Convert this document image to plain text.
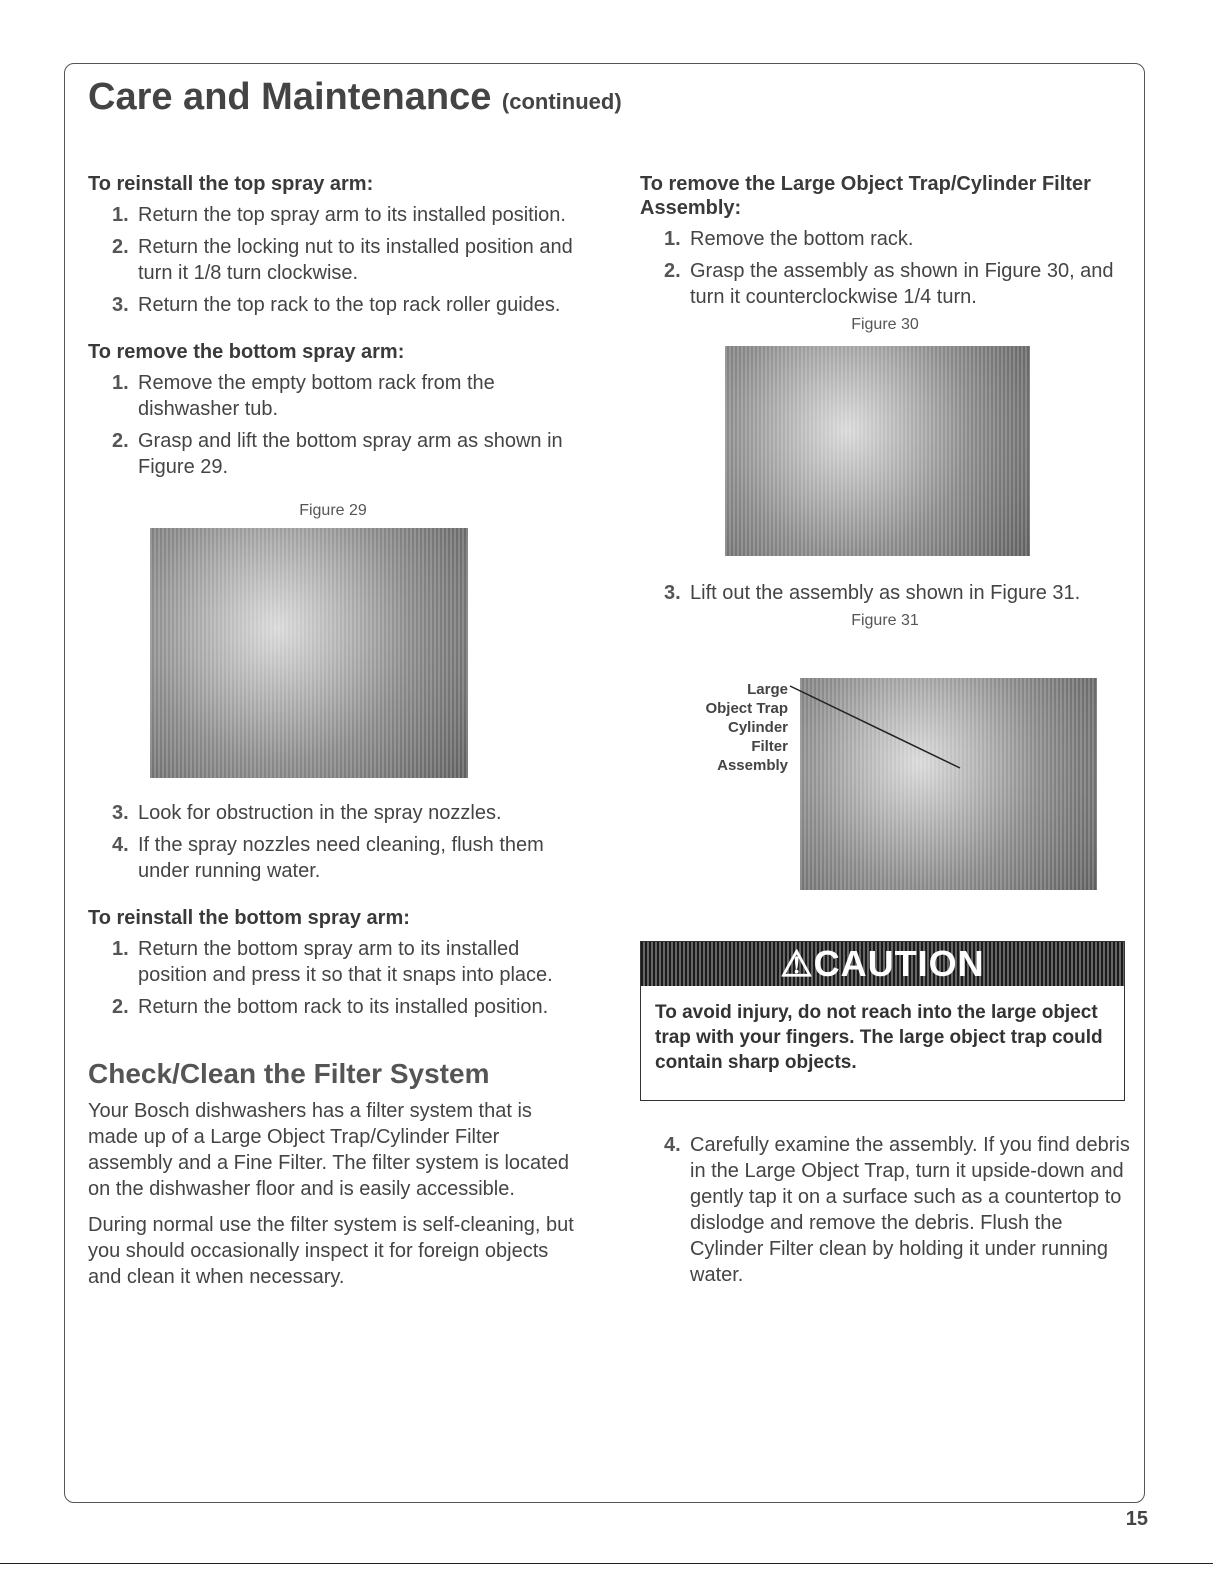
Care and Maintenance (continued)
To reinstall the top spray arm:
1. Return the top spray arm to its installed position.
2. Return the locking nut to its installed position and turn it 1/8 turn clockwise.
3. Return the top rack to the top rack roller guides.
To remove the bottom spray arm:
1. Remove the empty bottom rack from the dishwasher tub.
2. Grasp and lift the bottom spray arm as shown in Figure 29.
Figure 29
3. Look for obstruction in the spray nozzles.
4. If the spray nozzles need cleaning, flush them under running water.
To reinstall the bottom spray arm:
1. Return the bottom spray arm to its installed position and press it so that it snaps into place.
2. Return the bottom rack to its installed position.
Check/Clean the Filter System

Your Bosch dishwashers has a filter system that is made up of a Large Object Trap/Cylinder Filter assembly and a Fine Filter. The filter system is located on the dishwasher floor and is easily accessible.

During normal use the filter system is self-cleaning, but you should occasionally inspect it for foreign objects and clean it when necessary.

To remove the Large Object Trap/Cylinder Filter Assembly:
1. Remove the bottom rack.
2. Grasp the assembly as shown in Figure 30, and turn it counterclockwise 1/4 turn.
Figure 30
3. Lift out the assembly as shown in Figure 31.
Figure 31
Large
Object Trap
Cylinder
Filter
Assembly
⚠CAUTION
To avoid injury, do not reach into the large object trap with your fingers. The large object trap could contain sharp objects.
4. Carefully examine the assembly. If you find debris in the Large Object Trap, turn it upside-down and gently tap it on a surface such as a countertop to dislodge and remove the debris. Flush the Cylinder Filter clean by holding it under running water.
15
